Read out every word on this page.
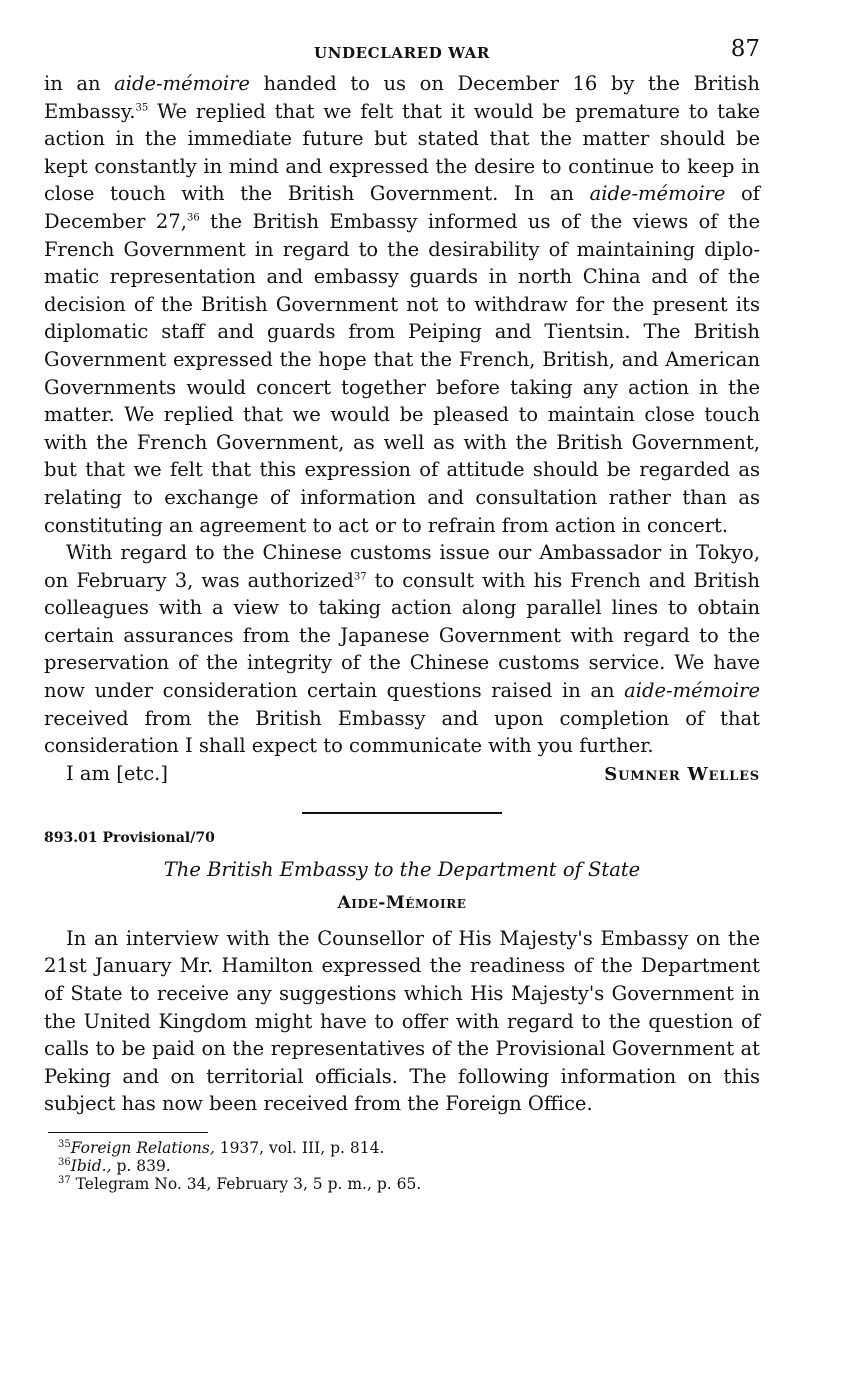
UNDECLARED WAR	87

in an aide-mémoire handed to us on December 16 by the British Embassy.$^{35}$ We replied that we felt that it would be premature to take action in the immediate future but stated that the matter should be kept constantly in mind and expressed the desire to continue to keep in close touch with the British Government. In an aide-mémoire of December 27,36 the British Embassy informed us of the views of the French Government in regard to the desirability of maintaining diplomatic representation and embassy guards in north China and of the decision of the British Government not to withdraw for the present its diplomatic staff and guards from Peiping and Tientsin. The British Government expressed the hope that the French, British, and American Governments would concert together before taking any action in the matter. We replied that we would be pleased to maintain close touch with the French Government, as well as with the British Government, but that we felt that this expression of attitude should be regarded as relating to exchange of information and consultation rather than as constituting an agreement to act or to refrain from action in concert.

With regard to the Chinese customs issue our Ambassador in Tokyo, on February 3, was authorized$^{37}$ to consult with his French and British colleagues with a view to taking action along parallel lines to obtain certain assurances from the Japanese Government with regard to the preservation of the integrity of the Chinese customs service. We have now under consideration certain questions raised in an aide-mémoire received from the British Embassy and upon completion of that consideration I shall expect to communicate with you further.

I am [etc.]	Sumner Welles

893.01 Provisional/70

The British Embassy to the Department of State

Aide-Mémoire

In an interview with the Counsellor of His Majesty's Embassy on the 21st January Mr. Hamilton expressed the readiness of the Department of State to receive any suggestions which His Majesty's Government in the United Kingdom might have to offer with regard to the question of calls to be paid on the representatives of the Provisional Government at Peking and on territorial officials. The following information on this subject has now been received from the Foreign Office.

$^{35}$Foreign Relations, 1937, vol. III, p. 814.
$^{36}$Ibid., p. 839.
$^{37}$ Telegram No. 34, February 3, 5 p. m., p. 65.
